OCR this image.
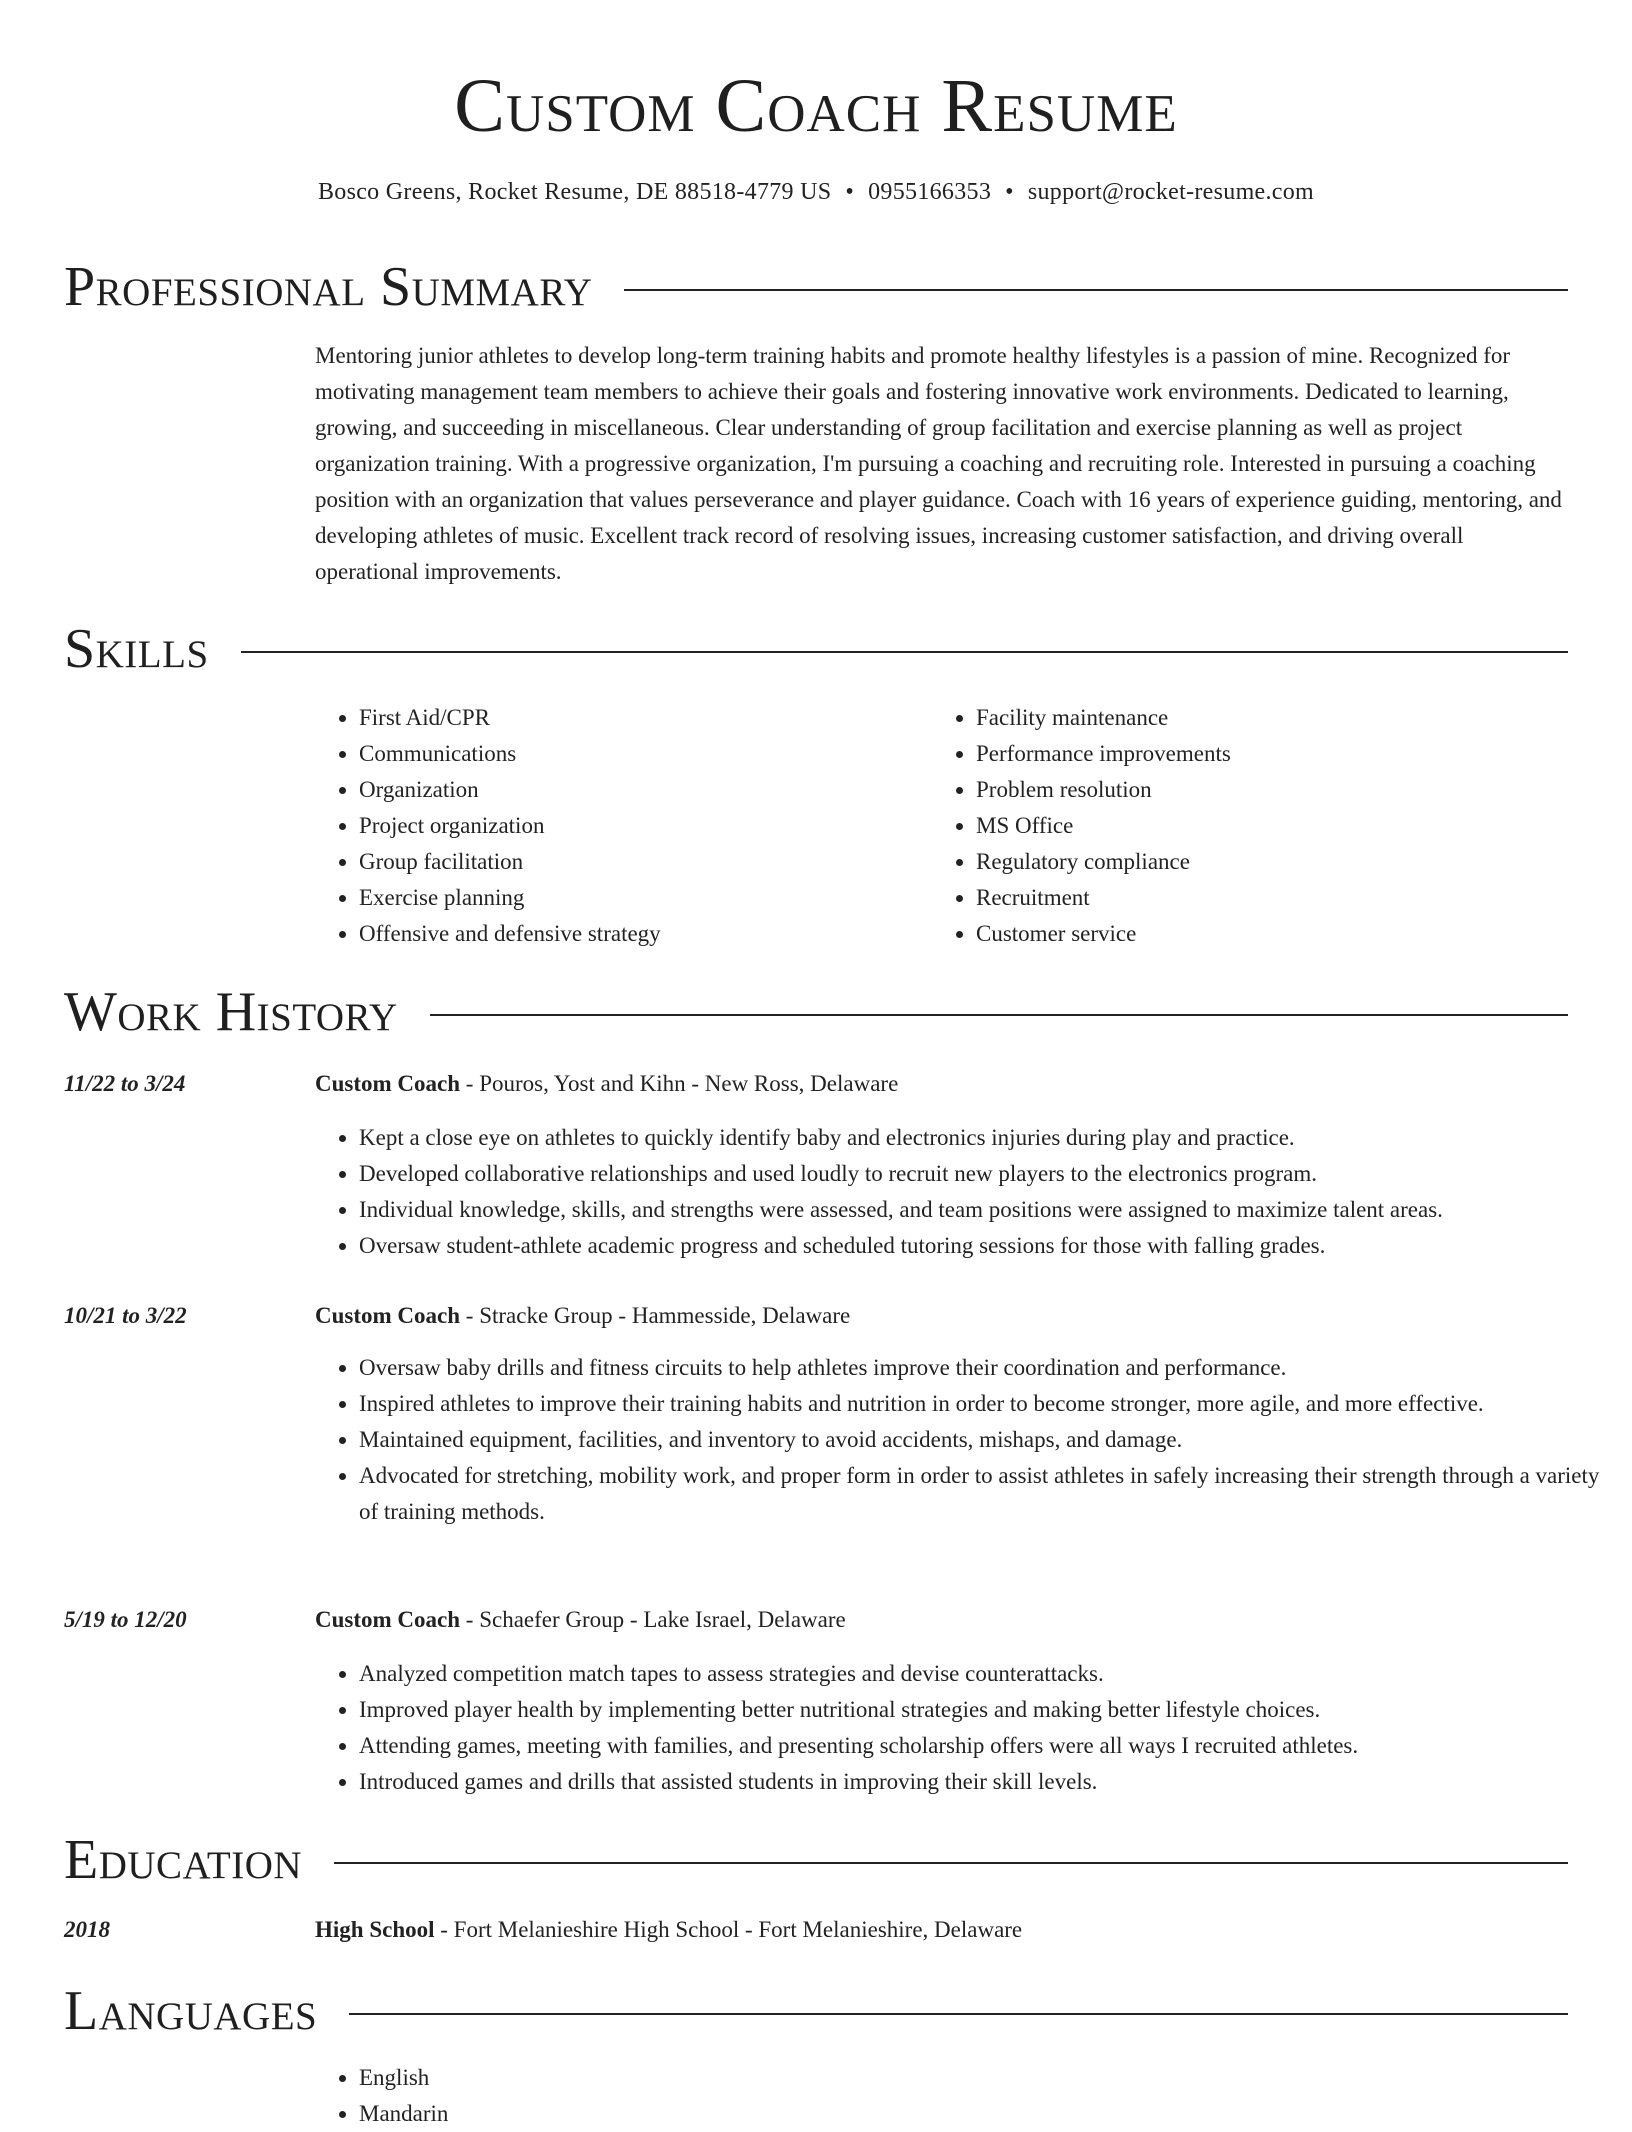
Custom Coach Resume
Bosco Greens, Rocket Resume, DE 88518-4779 US • 0955166353 • support@rocket-resume.com
Professional Summary

Mentoring junior athletes to develop long-term training habits and promote healthy lifestyles is a passion of mine. Recognized for motivating management team members to achieve their goals and fostering innovative work environments. Dedicated to learning, growing, and succeeding in miscellaneous. Clear understanding of group facilitation and exercise planning as well as project organization training. With a progressive organization, I'm pursuing a coaching and recruiting role. Interested in pursuing a coaching position with an organization that values perseverance and player guidance. Coach with 16 years of experience guiding, mentoring, and developing athletes of music. Excellent track record of resolving issues, increasing customer satisfaction, and driving overall operational improvements.

Skills
• First Aid/CPR
• Communications
• Organization
• Project organization
• Group facilitation
• Exercise planning
• Offensive and defensive strategy
• Facility maintenance
• Performance improvements
• Problem resolution
• MS Office
• Regulatory compliance
• Recruitment
• Customer service
Work History
11/22 to 3/24	Custom Coach - Pouros, Yost and Kihn - New Ross, Delaware
• Kept a close eye on athletes to quickly identify baby and electronics injuries during play and practice.
• Developed collaborative relationships and used loudly to recruit new players to the electronics program.
• Individual knowledge, skills, and strengths were assessed, and team positions were assigned to maximize talent areas.
• Oversaw student-athlete academic progress and scheduled tutoring sessions for those with falling grades.
10/21 to 3/22	Custom Coach - Stracke Group - Hammesside, Delaware
• Oversaw baby drills and fitness circuits to help athletes improve their coordination and performance.
• Inspired athletes to improve their training habits and nutrition in order to become stronger, more agile, and more effective.
• Maintained equipment, facilities, and inventory to avoid accidents, mishaps, and damage.
• Advocated for stretching, mobility work, and proper form in order to assist athletes in safely increasing their strength through a variety of training methods.
5/19 to 12/20	Custom Coach - Schaefer Group - Lake Israel, Delaware
• Analyzed competition match tapes to assess strategies and devise counterattacks.
• Improved player health by implementing better nutritional strategies and making better lifestyle choices.
• Attending games, meeting with families, and presenting scholarship offers were all ways I recruited athletes.
• Introduced games and drills that assisted students in improving their skill levels.
Education
2018	High School - Fort Melanieshire High School - Fort Melanieshire, Delaware
Languages
• English
• Mandarin
